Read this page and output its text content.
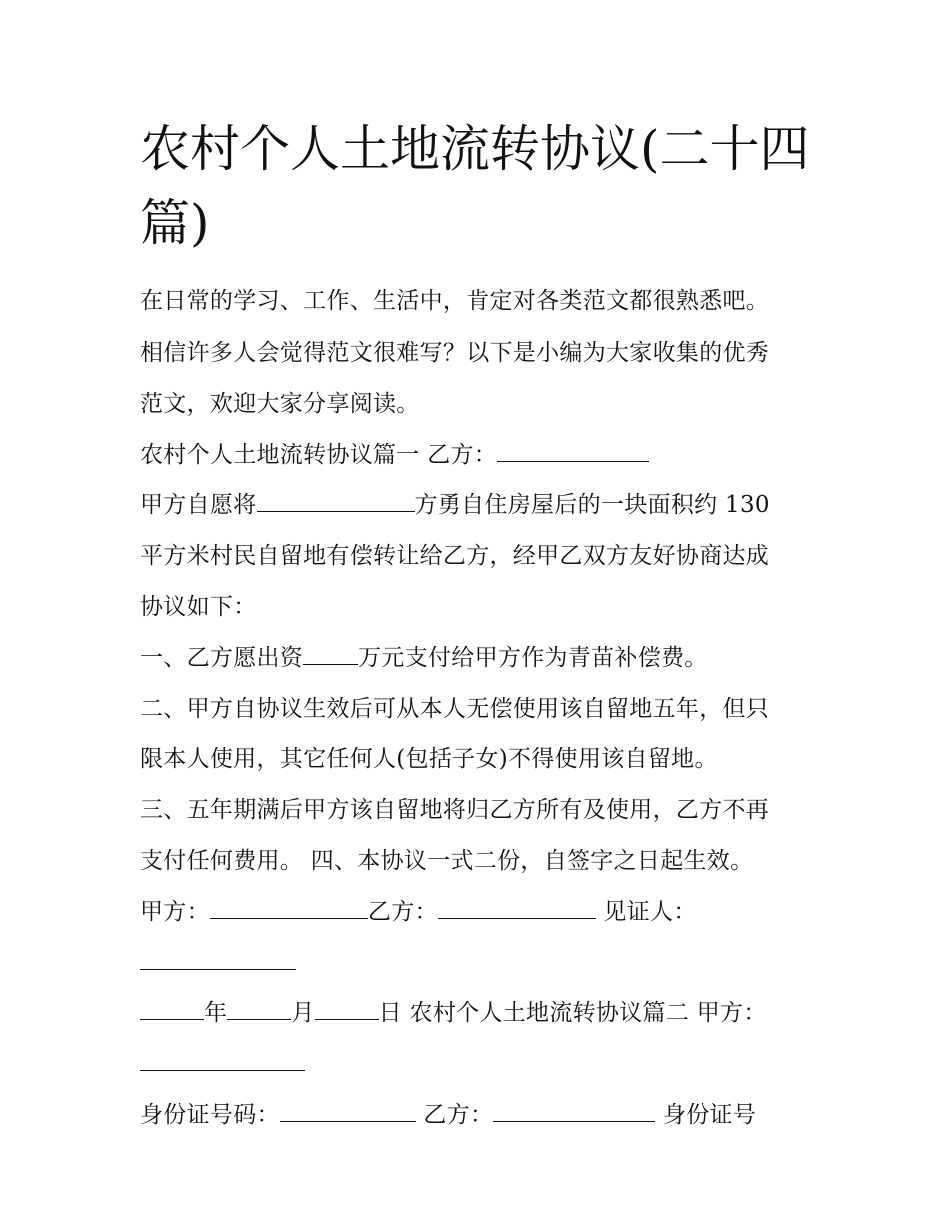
农村个人土地流转协议(二十四篇)
在日常的学习、工作、生活中，肯定对各类范文都很熟悉吧。
相信许多人会觉得范文很难写？以下是小编为大家收集的优秀
范文，欢迎大家分享阅读。
农村个人土地流转协议篇一 乙方：
甲方自愿将	方勇自住房屋后的一块面积约 130
平方米村民自留地有偿转让给乙方，经甲乙双方友好协商达成
协议如下：
一、乙方愿出资 万元支付给甲方作为青苗补偿费。
二、甲方自协议生效后可从本人无偿使用该自留地五年，但只
限本人使用，其它任何人(包括子女)不得使用该自留地。
三、五年期满后甲方该自留地将归乙方所有及使用，乙方不再
支付任何费用。 四、本协议一式二份，自签字之日起生效。
甲方：	乙方：	见证人：
年	月	日 农村个人土地流转协议篇二 甲方：
身份证号码：	乙方：	身份证号
